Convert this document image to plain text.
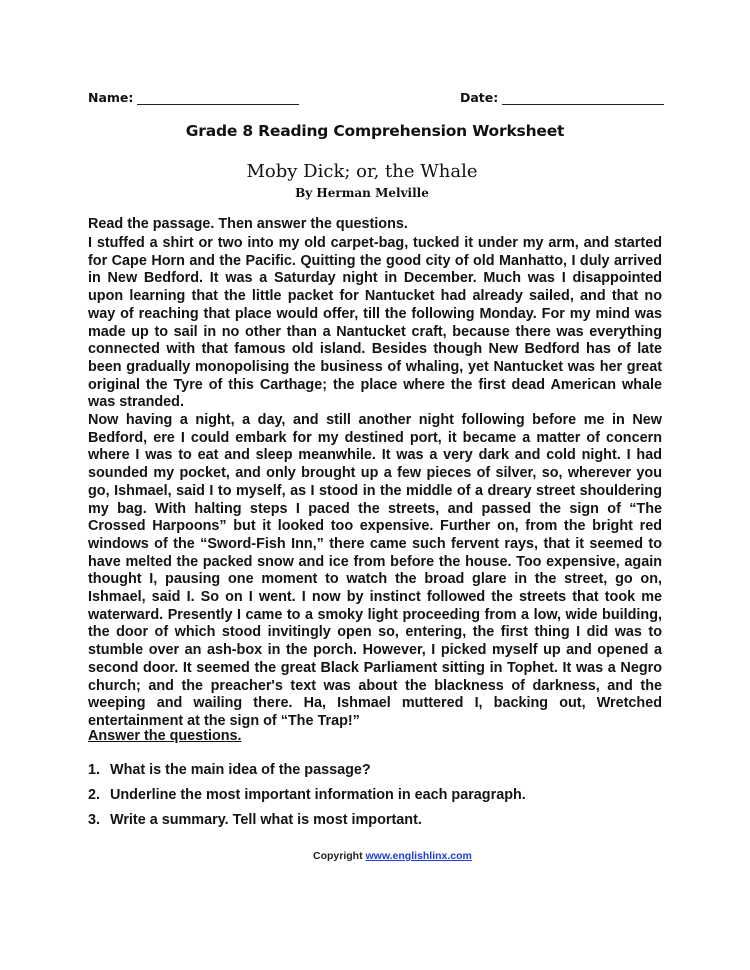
Name:	Date:
Grade 8 Reading Comprehension Worksheet
Moby Dick; or, the Whale
By Herman Melville
Read the passage. Then answer the questions.

I stuffed a shirt or two into my old carpet-bag, tucked it under my arm, and started for Cape Horn and the Pacific. Quitting the good city of old Manhatto, I duly arrived in New Bedford. It was a Saturday night in December. Much was I disappointed upon learning that the little packet for Nantucket had already sailed, and that no way of reaching that place would offer, till the following Monday. For my mind was made up to sail in no other than a Nantucket craft, because there was everything connected with that famous old island. Besides though New Bedford has of late been gradually monopolising the business of whaling, yet Nantucket was her great original the Tyre of this Carthage; the place where the first dead American whale was stranded.

Now having a night, a day, and still another night following before me in New Bedford, ere I could embark for my destined port, it became a matter of concern where I was to eat and sleep meanwhile. It was a very dark and cold night. I had sounded my pocket, and only brought up a few pieces of silver, so, wherever you go, Ishmael, said I to myself, as I stood in the middle of a dreary street shouldering my bag. With halting steps I paced the streets, and passed the sign of “The Crossed Harpoons” but it looked too expensive. Further on, from the bright red windows of the “Sword-Fish Inn,” there came such fervent rays, that it seemed to have melted the packed snow and ice from before the house. Too expensive, again thought I, pausing one moment to watch the broad glare in the street, go on, Ishmael, said I. So on I went. I now by instinct followed the streets that took me waterward. Presently I came to a smoky light proceeding from a low, wide building, the door of which stood invitingly open so, entering, the first thing I did was to stumble over an ash-box in the porch. However, I picked myself up and opened a second door. It seemed the great Black Parliament sitting in Tophet. It was a Negro church; and the preacher's text was about the blackness of darkness, and the weeping and wailing there. Ha, Ishmael muttered I, backing out, Wretched entertainment at the sign of “The Trap!”

Answer the questions.
1. What is the main idea of the passage?
2. Underline the most important information in each paragraph.
3. Write a summary. Tell what is most important.
Copyright www.englishlinx.com
